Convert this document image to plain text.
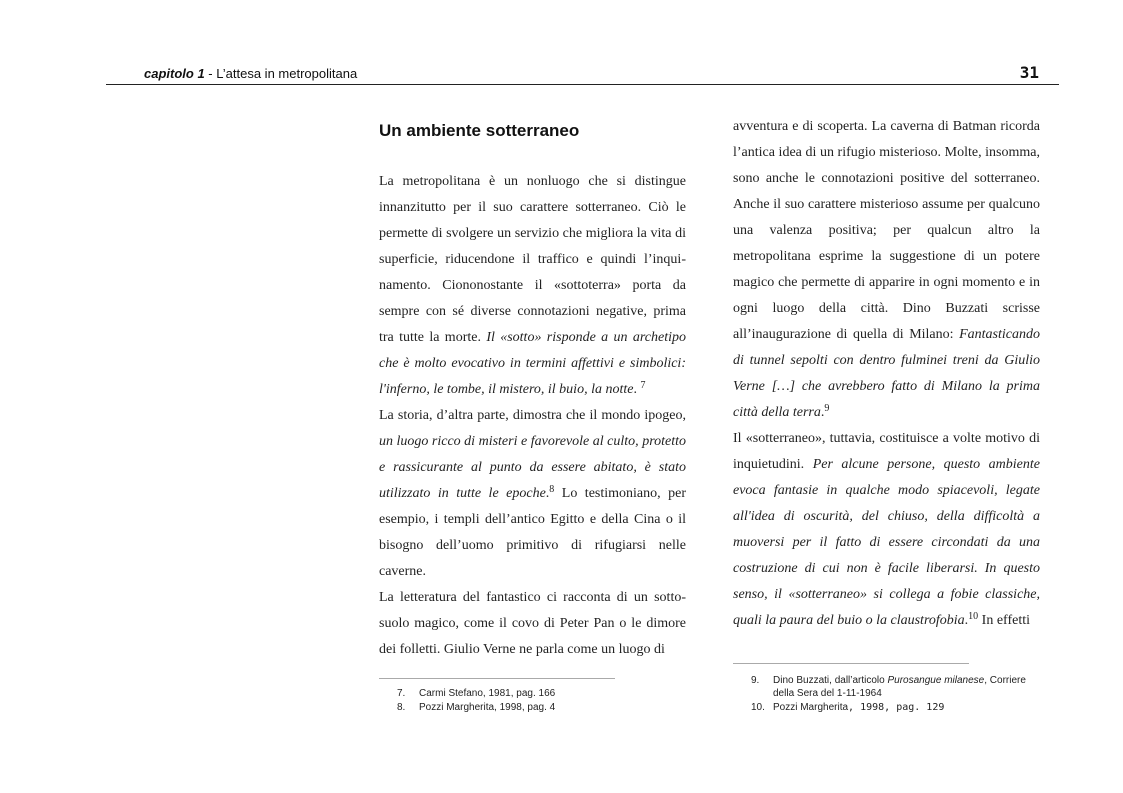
capitolo 1 - L’attesa in metropolitana	31
Un ambiente sotterraneo

La metropolitana è un nonluogo che si distingue innanzitutto per il suo carattere sotterraneo. Ciò le permette di svolgere un servizio che migliora la vita di superficie, riducendone il traffico e quindi l’inquinamento. Ciononostante il «sottoterra» porta da sempre con sé diverse connotazioni negative, prima tra tutte la morte. Il «sotto» risponde a un archetipo che è molto evocativo in termini affettivi e simbolici: l'inferno, le tombe, il mistero, il buio, la notte. $^7$

La storia, d’altra parte, dimostra che il mondo ipogeo, un luogo ricco di misteri e favorevole al culto, protetto e rassicurante al punto da essere abitato, è stato utilizzato in tutte le epoche.$^8$ Lo testimoniano, per esempio, i templi dell’antico Egitto e della Cina o il bisogno dell’uomo primitivo di rifugiarsi nelle caverne.

La letteratura del fantastico ci racconta di un sottosuolo magico, come il covo di Peter Pan o le dimore dei folletti. Giulio Verne ne parla come un luogo di

avventura e di scoperta. La caverna di Batman ricorda l’antica idea di un rifugio misterioso. Molte, insomma, sono anche le connotazioni positive del sotterraneo. Anche il suo carattere misterioso assume per qualcuno una valenza positiva; per qualcun altro la metropolitana esprime la suggestione di un potere magico che permette di apparire in ogni momento e in ogni luogo della città. Dino Buzzati scrisse all’inaugurazione di quella di Milano: Fantasticando di tunnel sepolti con dentro fulminei treni da Giulio Verne […] che avrebbero fatto di Milano la prima città della terra.$^9$

Il «sotterraneo», tuttavia, costituisce a volte motivo di inquietudini. Per alcune persone, questo ambiente evoca fantasie in qualche modo spiacevoli, legate all'idea di oscurità, del chiuso, della difficoltà a muoversi per il fatto di essere circondati da una costruzione di cui non è facile liberarsi. In questo senso, il «sotterraneo» si collega a fobie classiche, quali la paura del buio o la claustrofobia.$^{10}$ In effetti

7.	Carmi Stefano, 1981, pag. 166
8.	Pozzi Margherita, 1998, pag. 4
9.	Dino Buzzati, dall’articolo Purosangue milanese, Corriere della Sera del 1-11-1964
10. Pozzi Margherita, 1998, pag. 129
